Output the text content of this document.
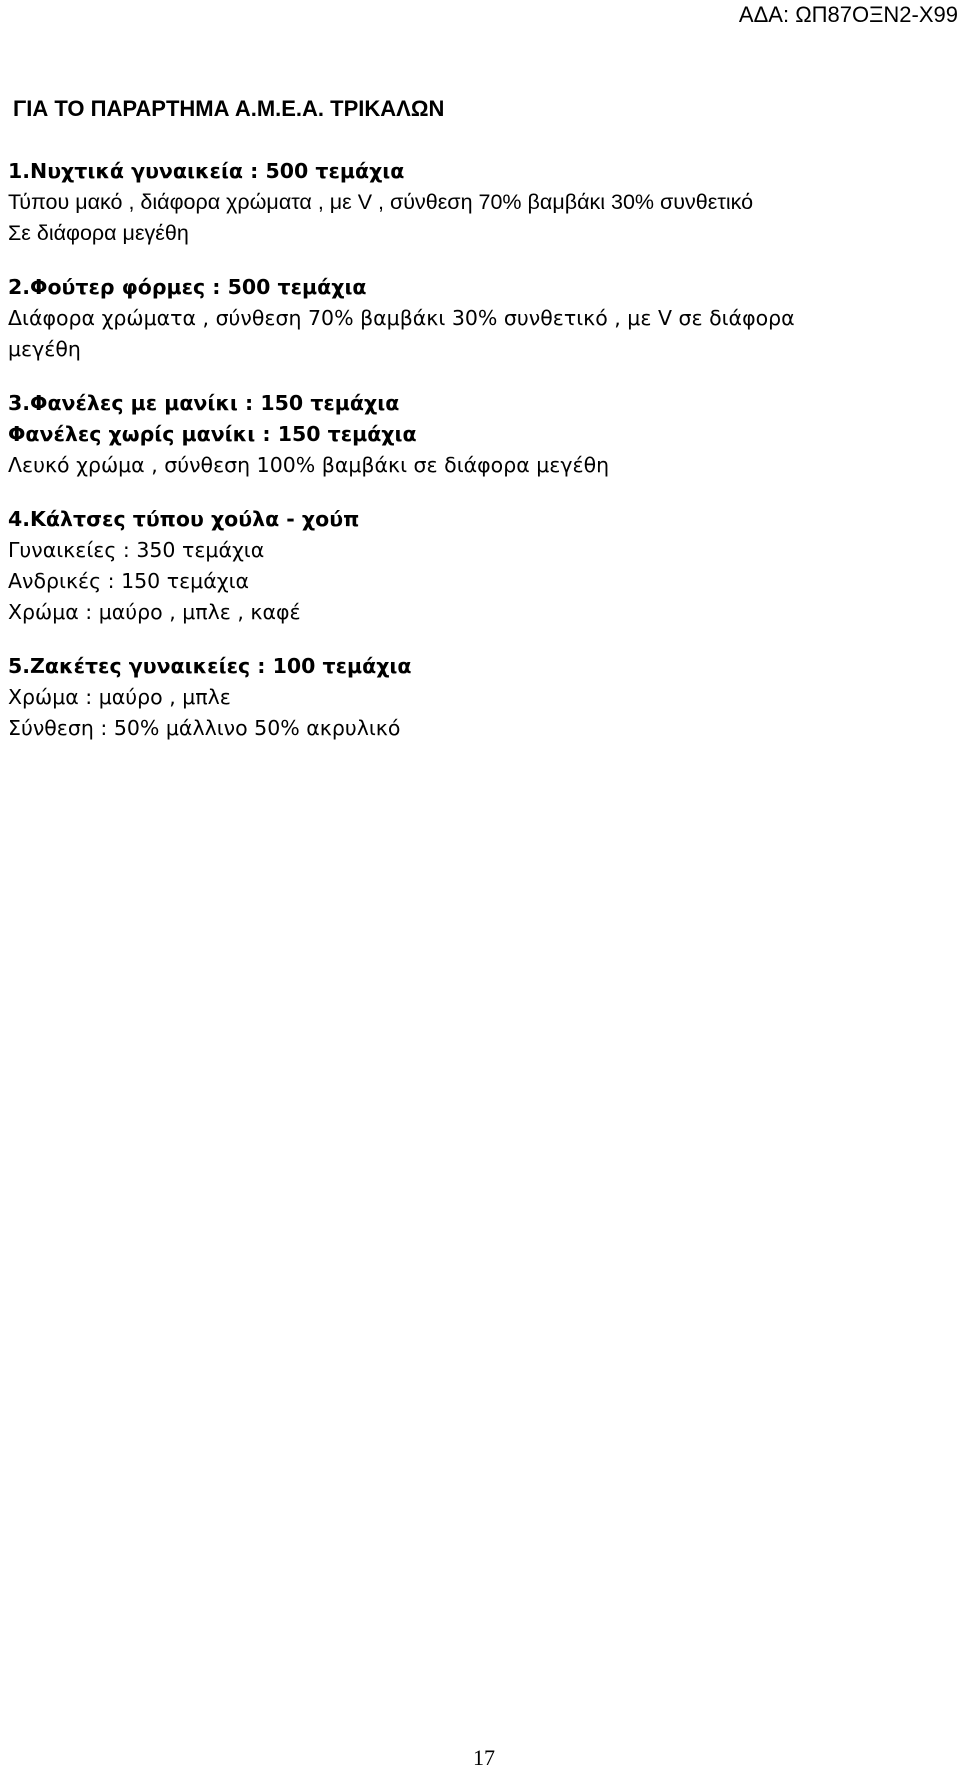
ΑΔΑ: ΩΠ87ΟΞΝ2-Χ99
ΓΙΑ ΤΟ ΠΑΡΑΡΤΗΜΑ Α.Μ.Ε.Α. ΤΡΙΚΑΛΩΝ
1.Νυχτικά γυναικεία : 500 τεμάχια
Τύπου μακό , διάφορα χρώματα , με V , σύνθεση 70% βαμβάκι 30% συνθετικό
Σε διάφορα μεγέθη
2.Φούτερ φόρμες : 500 τεμάχια
Διάφορα χρώματα , σύνθεση 70% βαμβάκι 30% συνθετικό , με V σε διάφορα μεγέθη
3.Φανέλες με μανίκι : 150 τεμάχια
Φανέλες χωρίς μανίκι : 150 τεμάχια
Λευκό χρώμα , σύνθεση 100% βαμβάκι σε διάφορα μεγέθη
4.Κάλτσες τύπου χούλα - χούπ
Γυναικείες : 350 τεμάχια
Ανδρικές : 150 τεμάχια
Χρώμα : μαύρο , μπλε , καφέ
5.Ζακέτες γυναικείες : 100 τεμάχια
Χρώμα : μαύρο , μπλε
Σύνθεση : 50% μάλλινο 50% ακρυλικό
17
